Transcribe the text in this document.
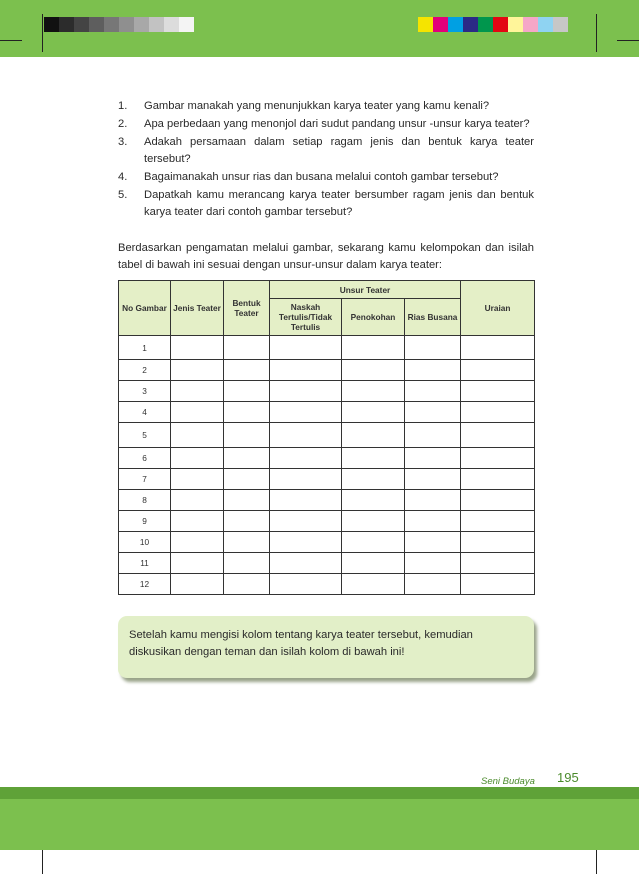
1.	Gambar manakah yang menunjukkan karya teater yang kamu kenali?
2.	Apa perbedaan yang menonjol dari sudut pandang unsur -unsur karya teater?
3.	Adakah persamaan dalam setiap ragam jenis dan bentuk karya teater tersebut?
4.	Bagaimanakah unsur rias dan busana melalui contoh gambar tersebut?
5.	Dapatkah kamu merancang karya teater bersumber ragam jenis dan bentuk karya teater dari contoh gambar tersebut?
Berdasarkan pengamatan melalui gambar, sekarang kamu kelompokan dan isilah tabel di bawah ini sesuai dengan unsur-unsur dalam karya teater:
No Gambar	Jenis Teater	Bentuk Teater	Unsur Teater			Uraian
			Naskah Tertulis/Tidak Tertulis	Penokohan	Rias Busana	
1						
2						
3						
4						
5						
6						
7						
8						
9						
10						
11						
12						
Setelah kamu mengisi kolom tentang karya teater tersebut, kemudian diskusikan dengan teman dan isilah kolom di bawah ini!
Seni Budaya 195
